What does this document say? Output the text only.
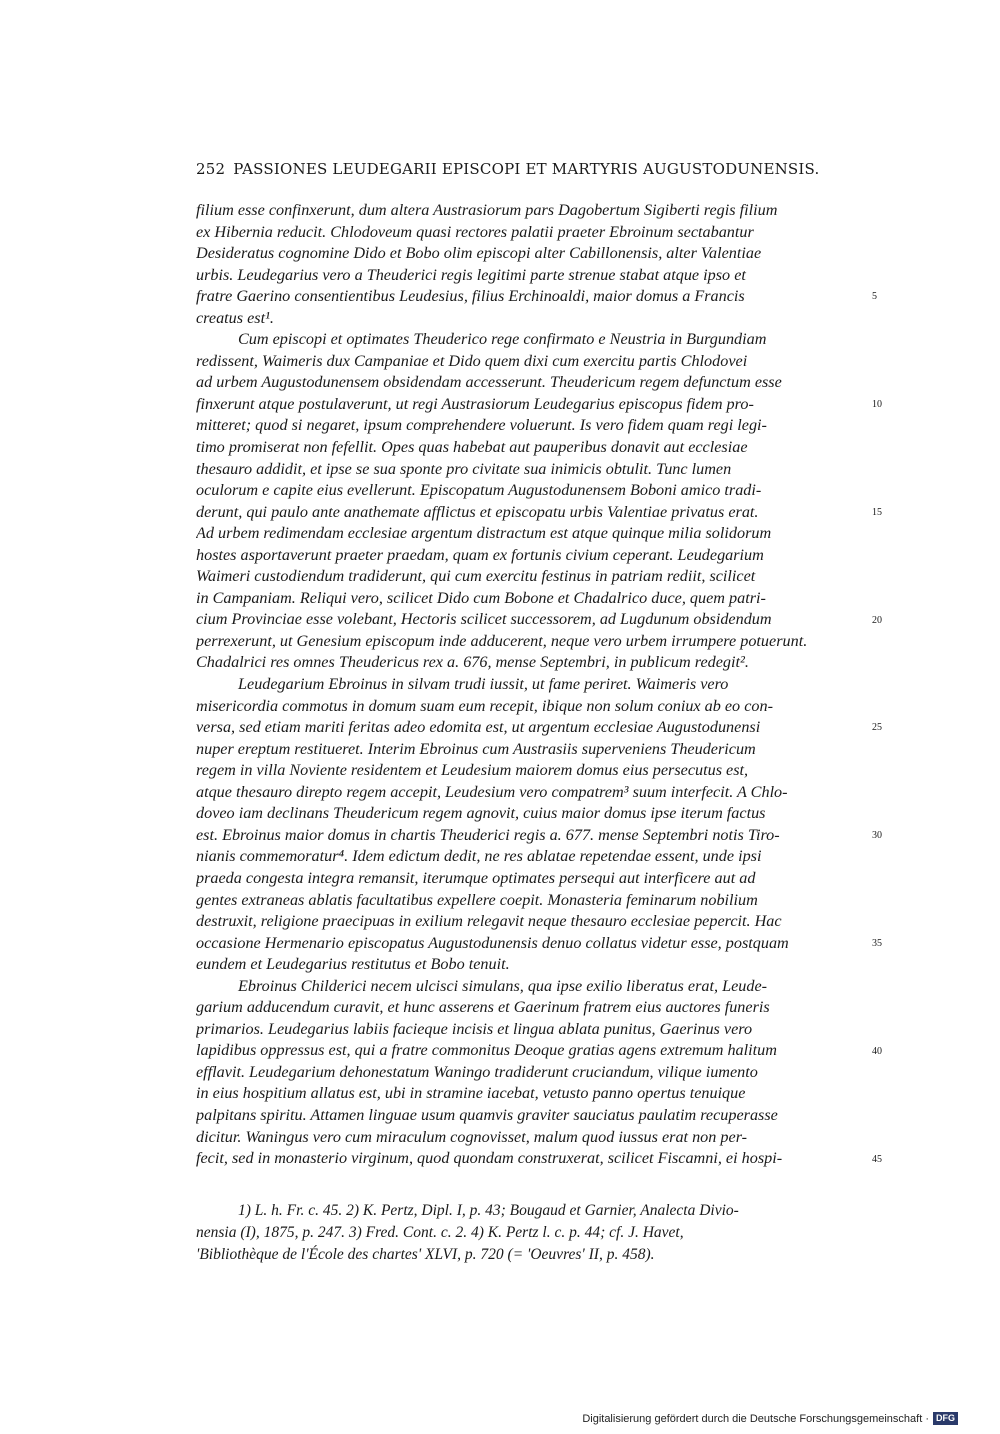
252 PASSIONES LEUDEGARII EPISCOPI ET MARTYRIS AUGUSTODUNENSIS.
filium esse confinxerunt, dum altera Austrasiorum pars Dagobertum Sigiberti regis filium
ex Hibernia reducit. Chlodoveum quasi rectores palatii praeter Ebroinum sectabantur
Desideratus cognomine Dido et Bobo olim episcopi alter Cabillonensis, alter Valentiae
urbis. Leudegarius vero a Theuderici regis legitimi parte strenue stabat atque ipso et
fratre Gaerino consentientibus Leudesius, filius Erchinoaldi, maior domus a Francis	5
creatus est¹.
Cum episcopi et optimates Theuderico rege confirmato e Neustria in Burgundiam
redissent, Waimeris dux Campaniae et Dido quem dixi cum exercitu partis Chlodovei
ad urbem Augustodunensem obsidendam accesserunt. Theudericum regem defunctum esse
finxerunt atque postulaverunt, ut regi Austrasiorum Leudegarius episcopus fidem pro-	10
mitteret; quod si negaret, ipsum comprehendere voluerunt. Is vero fidem quam regi legi-
timo promiserat non fefellit. Opes quas habebat aut pauperibus donavit aut ecclesiae
thesauro addidit, et ipse se sua sponte pro civitate sua inimicis obtulit. Tunc lumen
oculorum e capite eius evellerunt. Episcopatum Augustodunensem Boboni amico tradi-
derunt, qui paulo ante anathemate afflictus et episcopatu urbis Valentiae privatus erat.	15
Ad urbem redimendam ecclesiae argentum distractum est atque quinque milia solidorum
hostes asportaverunt praeter praedam, quam ex fortunis civium ceperant. Leudegarium
Waimeri custodiendum tradiderunt, qui cum exercitu festinus in patriam rediit, scilicet
in Campaniam. Reliqui vero, scilicet Dido cum Bobone et Chadalrico duce, quem patri-
cium Provinciae esse volebant, Hectoris scilicet successorem, ad Lugdunum obsidendum	20
perrexerunt, ut Genesium episcopum inde adducerent, neque vero urbem irrumpere potuerunt.
Chadalrici res omnes Theudericus rex a. 676, mense Septembri, in publicum redegit².
Leudegarium Ebroinus in silvam trudi iussit, ut fame periret. Waimeris vero
misericordia commotus in domum suam eum recepit, ibique non solum coniux ab eo con-
versa, sed etiam mariti feritas adeo edomita est, ut argentum ecclesiae Augustodunensi	25
nuper ereptum restitueret. Interim Ebroinus cum Austrasiis superveniens Theudericum
regem in villa Noviente residentem et Leudesium maiorem domus eius persecutus est,
atque thesauro direpto regem accepit, Leudesium vero compatrem³ suum interfecit. A Chlo-
doveo iam declinans Theudericum regem agnovit, cuius maior domus ipse iterum factus
est. Ebroinus maior domus in chartis Theuderici regis a. 677. mense Septembri notis Tiro-	30
nianis commemoratur⁴. Idem edictum dedit, ne res ablatae repetendae essent, unde ipsi
praeda congesta integra remansit, iterumque optimates persequi aut interficere aut ad
gentes extraneas ablatis facultatibus expellere coepit. Monasteria feminarum nobilium
destruxit, religione praecipuas in exilium relegavit neque thesauro ecclesiae pepercit. Hac
occasione Hermenario episcopatus Augustodunensis denuo collatus videtur esse, postquam	35
eundem et Leudegarius restitutus et Bobo tenuit.
Ebroinus Childerici necem ulcisci simulans, qua ipse exilio liberatus erat, Leude-
garium adducendum curavit, et hunc asserens et Gaerinum fratrem eius auctores funeris
primarios. Leudegarius labiis facieque incisis et lingua ablata punitus, Gaerinus vero
lapidibus oppressus est, qui a fratre commonitus Deoque gratias agens extremum halitum	40
efflavit. Leudegarium dehonestatum Waningo tradiderunt cruciandum, vilique iumento
in eius hospitium allatus est, ubi in stramine iacebat, vetusto panno opertus tenuique
palpitans spiritu. Attamen linguae usum quamvis graviter sauciatus paulatim recuperasse
dicitur. Waningus vero cum miraculum cognovisset, malum quod iussus erat non per-
fecit, sed in monasterio virginum, quod quondam construxerat, scilicet Fiscamni, ei hospi-	45
1) L. h. Fr. c. 45. 2) K. Pertz, Dipl. I, p. 43; Bougaud et Garnier, Analecta Divio-
nensia (I), 1875, p. 247. 3) Fred. Cont. c. 2. 4) K. Pertz l. c. p. 44; cf. J. Havet,
'Bibliothèque de l'École des chartes' XLVI, p. 720 (= 'Oeuvres' II, p. 458).
Digitalisierung gefördert durch die Deutsche Forschungsgemeinschaft · DFG
